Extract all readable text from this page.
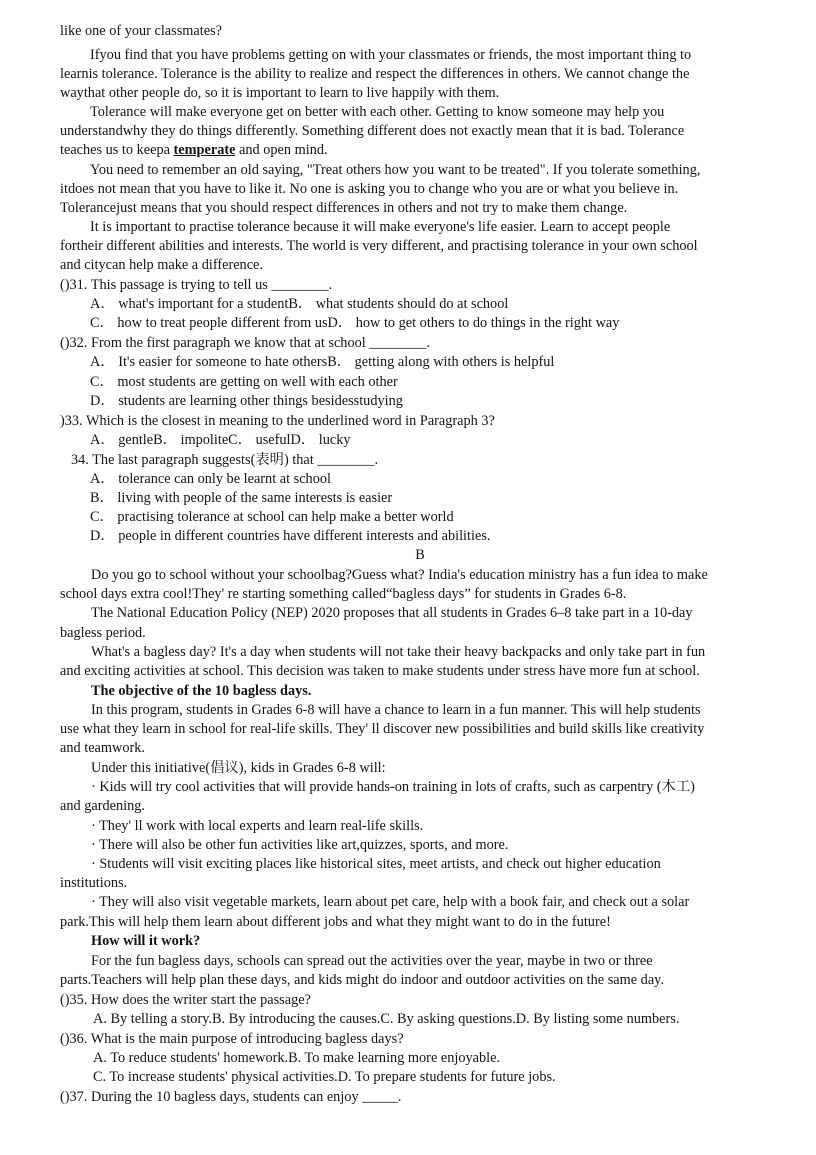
like one of your classmates?
Ifyou find that you have problems getting on with your classmates or friends, the most important thing to
learnis tolerance. Tolerance is the ability to realize and respect the differences in others. We cannot change the
waythat other people do, so it is important to learn to live happily with them.
Tolerance will make everyone get on better with each other. Getting to know someone may help you
understandwhy they do things differently. Something different does not exactly mean that it is bad. Tolerance
teaches us to keepa temperate and open mind.
You need to remember an old saying, "Treat others how you want to be treated". If you tolerate something,
itdoes not mean that you have to like it. No one is asking you to change who you are or what you believe in.
Tolerancejust means that you should respect differences in others and not try to make them change.
It is important to practise tolerance because it will make everyone's life easier. Learn to accept people
fortheir different abilities and interests. The world is very different, and practising tolerance in your own school
and citycan help make a difference.
()31. This passage is trying to tell us ________.
A． what's important for a studentB． what students should do at school
C． how to treat people different from usD． how to get others to do things in the right way
()32. From the first paragraph we know that at school ________.
A． It's easier for someone to hate othersB． getting along with others is helpful
C． most students are getting on well with each other
D． students are learning other things besidesstudying
)33. Which is the closest in meaning to the underlined word in Paragraph 3?
A． gentleB． impoliteC． usefulD． lucky
34. The last paragraph suggests(表明) that ________.
A． tolerance can only be learnt at school
B． living with people of the same interests is easier
C． practising tolerance at school can help make a better world
D． people in different countries have different interests and abilities.
B
Do you go to school without your schoolbag?Guess what? India's education ministry has a fun idea to make
school days extra cool!They' re starting something called“bagless days” for students in Grades 6-8.
The National Education Policy (NEP) 2020 proposes that all students in Grades 6–8 take part in a 10-day
bagless period.
What's a bagless day? It's a day when students will not take their heavy backpacks and only take part in fun
and exciting activities at school. This decision was taken to make students under stress have more fun at school.
The objective of the 10 bagless days.
In this program, students in Grades 6-8 will have a chance to learn in a fun manner. This will help students
use what they learn in school for real-life skills. They' ll discover new possibilities and build skills like creativity
and teamwork.
Under this initiative(倡议), kids in Grades 6-8 will:
· Kids will try cool activities that will provide hands-on training in lots of crafts, such as carpentry (木工)
and gardening.
· They' ll work with local experts and learn real-life skills.
· There will also be other fun activities like art,quizzes, sports, and more.
· Students will visit exciting places like historical sites, meet artists, and check out higher education
institutions.
· They will also visit vegetable markets, learn about pet care, help with a book fair, and check out a solar
park.This will help them learn about different jobs and what they might want to do in the future!
How will it work?
For the fun bagless days, schools can spread out the activities over the year, maybe in two or three
parts.Teachers will help plan these days, and kids might do indoor and outdoor activities on the same day.
()35. How does the writer start the passage?
A. By telling a story.B. By introducing the causes.C. By asking questions.D. By listing some numbers.
()36. What is the main purpose of introducing bagless days?
A. To reduce students' homework.B. To make learning more enjoyable.
C. To increase students' physical activities.D. To prepare students for future jobs.
()37. During the 10 bagless days, students can enjoy _____.
